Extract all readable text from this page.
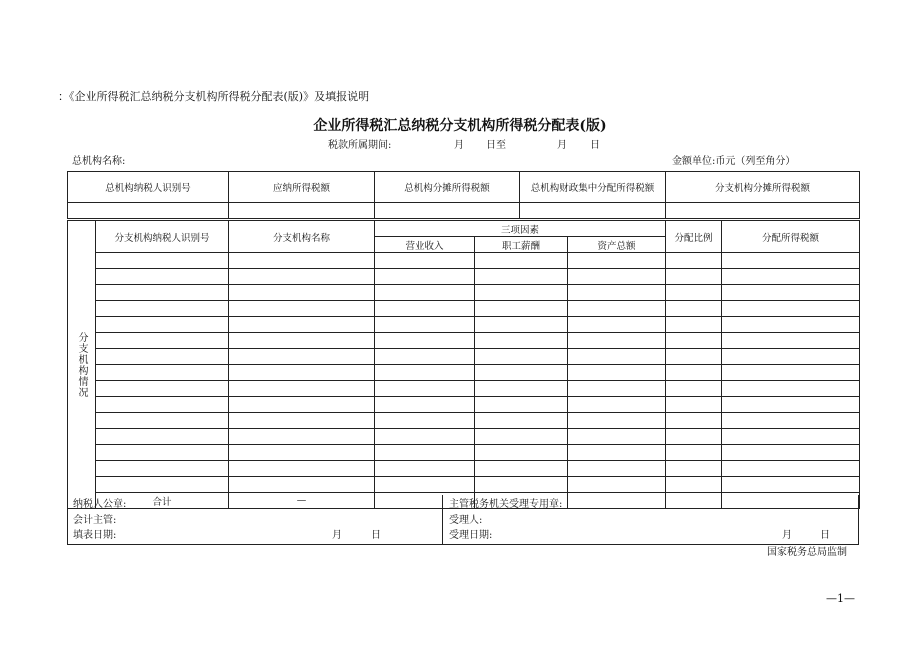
：《企业所得税汇总纳税分支机构所得税分配表(版)》及填报说明
企业所得税汇总纳税分支机构所得税分配表(版)
税款所属期间:	月 日至	月 日
总机构名称:	金额单位:币元（列至角分）
总机构纳税人识别号	应纳所得税额	总机构分摊所得税额	总机构财政集中分配所得税额	分支机构分摊所得税额

分支机构情况	分支机构纳税人识别号	分支机构名称	三项因素			分配比例	分配所得税额
			营业收入	职工薪酬	资产总额		

	合计	—					
纳税人公章:
会计主管:
填表日期:	月	日
主管税务机关受理专用章:
受理人:
受理日期:	月	日
国家税务总局监制
—1—
